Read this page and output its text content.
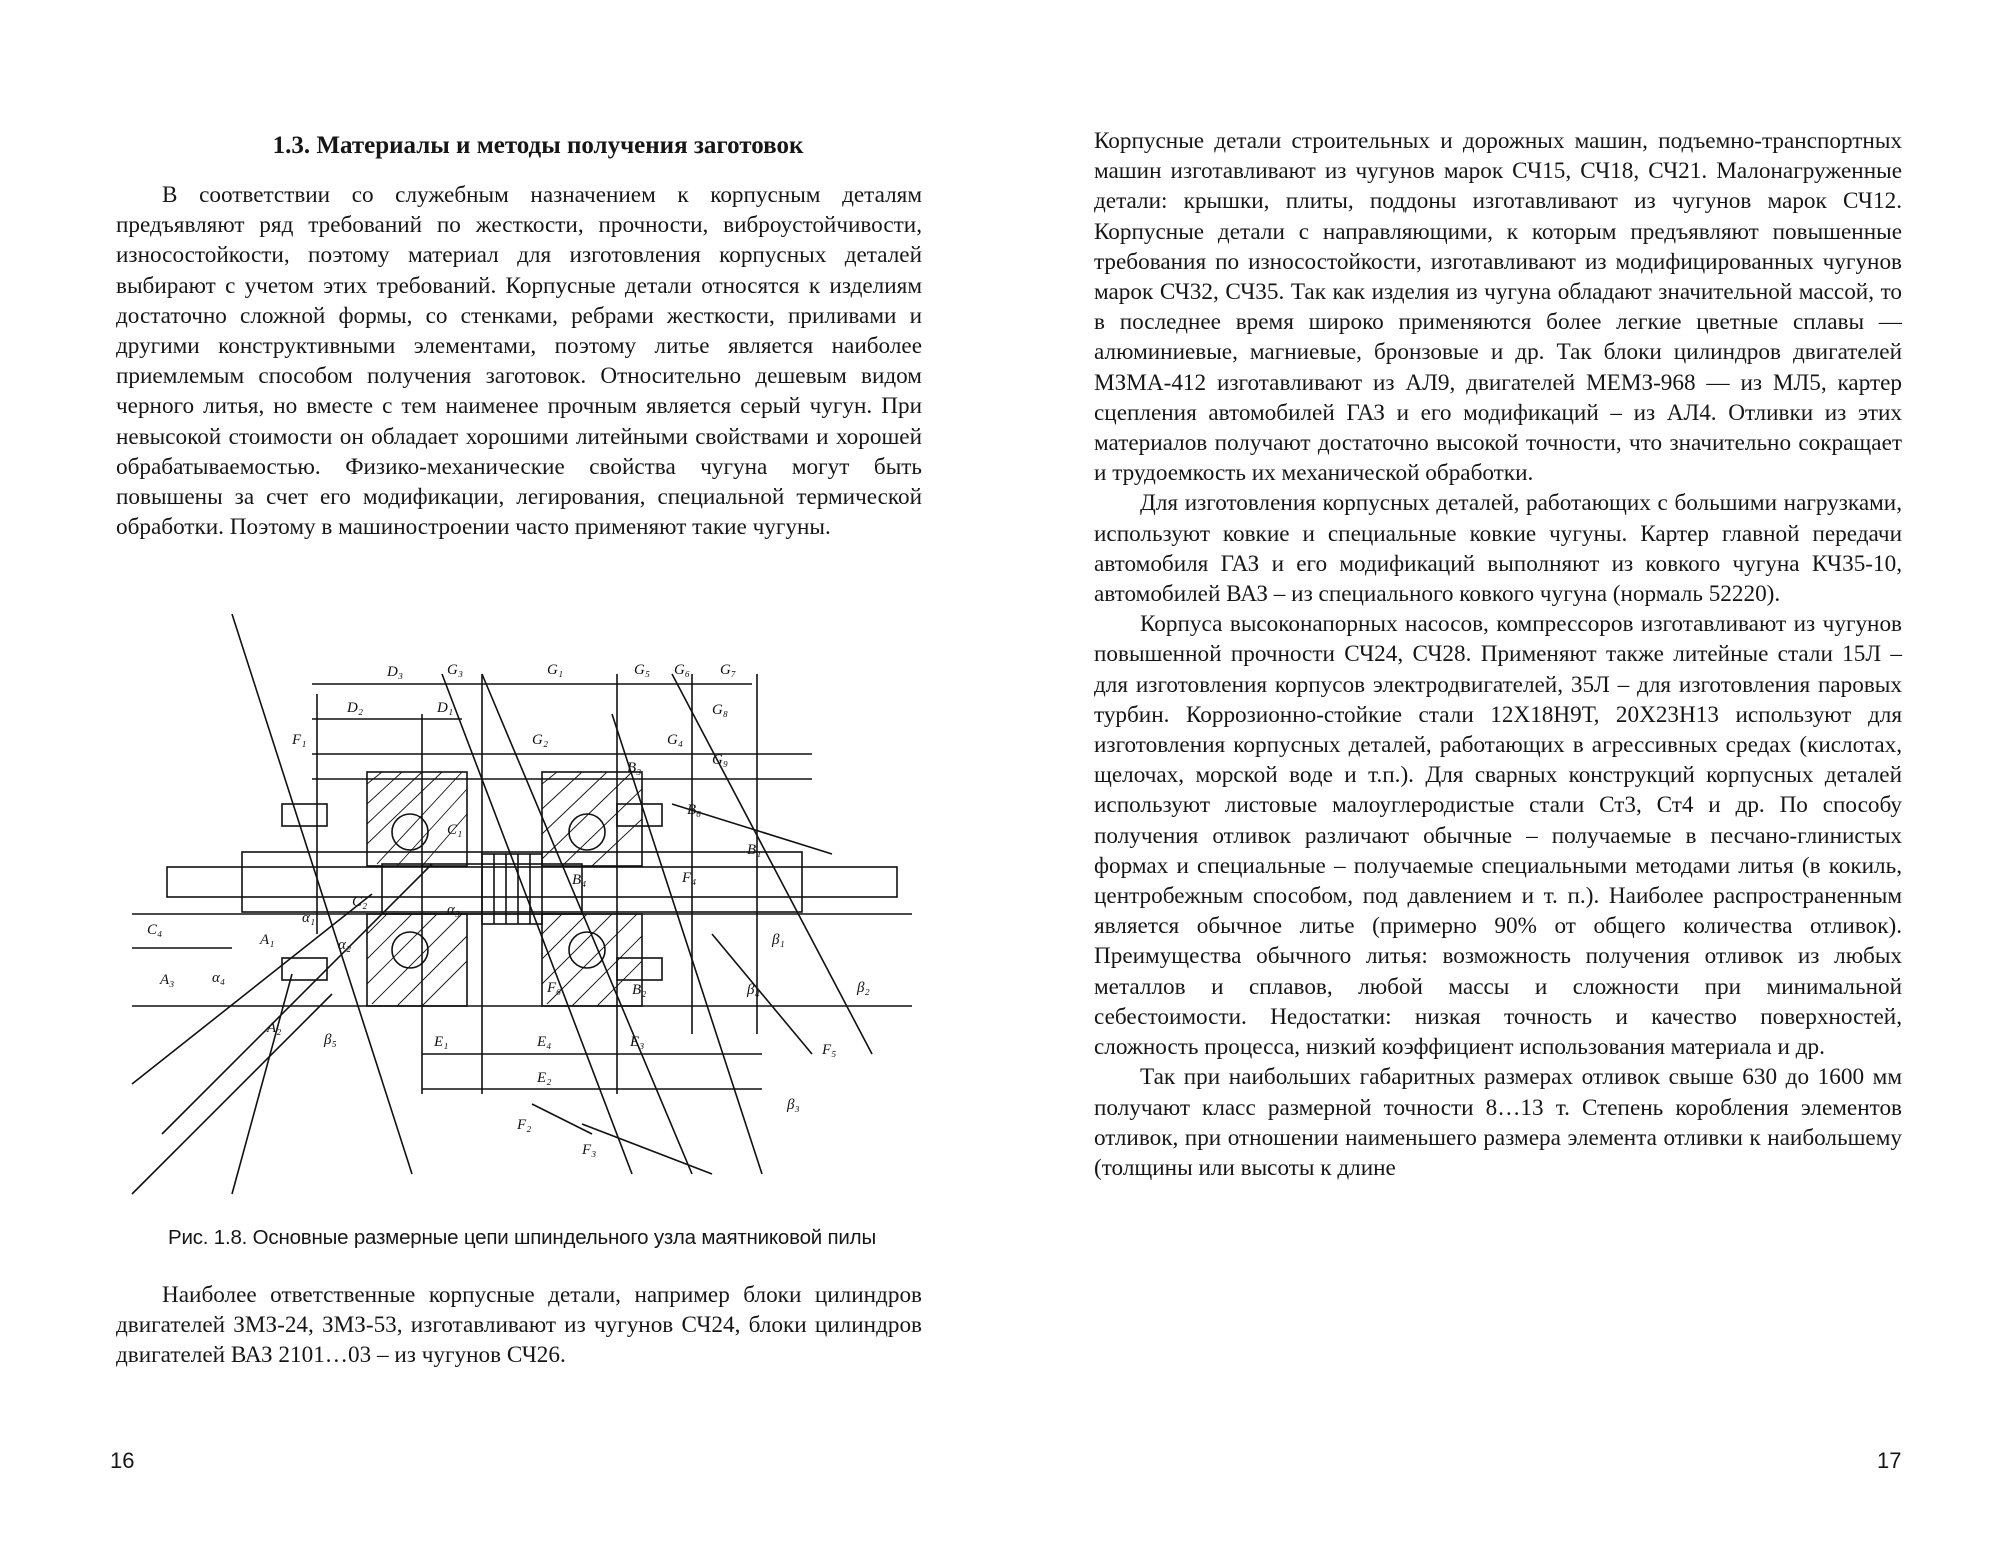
1.3. Материалы и методы получения заготовок
В соответствии со служебным назначением к корпусным деталям предъявляют ряд требований по жесткости, прочности, виброустойчивости, износостойкости, поэтому материал для изготовления корпусных деталей выбирают с учетом этих требований. Корпусные детали относятся к изделиям достаточно сложной формы, со стенками, ребрами жесткости, приливами и другими конструктивными элементами, поэтому литье является наиболее приемлемым способом получения заготовок. Относительно дешевым видом черного литья, но вместе с тем наименее прочным является серый чугун. При невысокой стоимости он обладает хорошими литейными свойствами и хорошей обрабатываемостью. Физико-механические свойства чугуна могут быть повышены за счет его модификации, легирования, специальной термической обработки. Поэтому в машиностроении часто применяют такие чугуны.
D₃
D₂	D₁
G₃	G₁	G₅ G₆ G₇
G₂
G₈
G₉
G₄
B₃
B₁
F₄
B₄
F₁
C₁
C₂
C₄
α₁
α₂
α₃
α₄
A₁
A₃
A₂
β₁
β₄	β₂
β₃
β₅
F₅
F₆
F₂
F₃
E₁	E₄	E₃
E₂
B₂
B₆
Рис. 1.8. Основные размерные цепи шпиндельного узла маятниковой пилы
Наиболее ответственные корпусные детали, например блоки цилиндров двигателей ЗМЗ-24, ЗМЗ-53, изготавливают из чугунов СЧ24, блоки цилиндров двигателей ВАЗ 2101…03 – из чугунов СЧ26.
16

Корпусные детали строительных и дорожных машин, подъемно-транспортных машин изготавливают из чугунов марок СЧ15, СЧ18, СЧ21. Малонагруженные детали: крышки, плиты, поддоны изготавливают из чугунов марок СЧ12. Корпусные детали с направляющими, к которым предъявляют повышенные требования по износостойкости, изготавливают из модифицированных чугунов марок СЧ32, СЧ35. Так как изделия из чугуна обладают значительной массой, то в последнее время широко применяются более легкие цветные сплавы — алюминиевые, магниевые, бронзовые и др. Так блоки цилиндров двигателей МЗМА-412 изготавливают из АЛ9, двигателей МЕМЗ-968 — из МЛ5, картер сцепления автомобилей ГАЗ и его модификаций – из АЛ4. Отливки из этих материалов получают достаточно высокой точности, что значительно сокращает и трудоемкость их механической обработки.

Для изготовления корпусных деталей, работающих с большими нагрузками, используют ковкие и специальные ковкие чугуны. Картер главной передачи автомобиля ГАЗ и его модификаций выполняют из ковкого чугуна КЧ35-10, автомобилей ВАЗ – из специального ковкого чугуна (нормаль 52220).

Корпуса высоконапорных насосов, компрессоров изготавливают из чугунов повышенной прочности СЧ24, СЧ28. Применяют также литейные стали 15Л – для изготовления корпусов электродвигателей, 35Л – для изготовления паровых турбин. Коррозионно-стойкие стали 12Х18Н9Т, 20Х23Н13 используют для изготовления корпусных деталей, работающих в агрессивных средах (кислотах, щелочах, морской воде и т.п.). Для сварных конструкций корпусных деталей используют листовые малоуглеродистые стали Ст3, Ст4 и др. По способу получения отливок различают обычные – получаемые в песчано-глинистых формах и специальные – получаемые специальными методами литья (в кокиль, центробежным способом, под давлением и т. п.). Наиболее распространенным является обычное литье (примерно 90% от общего количества отливок). Преимущества обычного литья: возможность получения отливок из любых металлов и сплавов, любой массы и сложности при минимальной себестоимости. Недостатки: низкая точность и качество поверхностей, сложность процесса, низкий коэффициент использования материала и др.

Так при наибольших габаритных размерах отливок свыше 630 до 1600 мм получают класс размерной точности 8…13 т. Степень коробления элементов отливок, при отношении наименьшего размера элемента отливки к наибольшему (толщины или высоты к длине

17
